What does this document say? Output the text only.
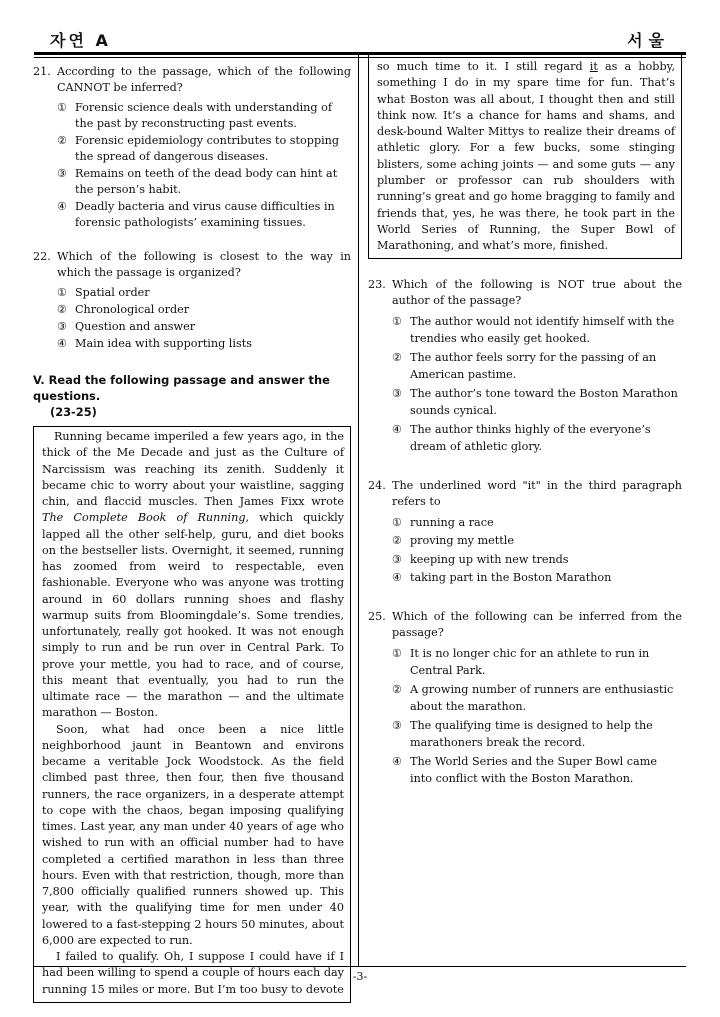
자연 A	서울
21. According to the passage, which of the following CANNOT be inferred?
① Forensic science deals with understanding of the past by reconstructing past events.
② Forensic epidemiology contributes to stopping the spread of dangerous diseases.
③ Remains on teeth of the dead body can hint at the person’s habit.
④ Deadly bacteria and virus cause difficulties in forensic pathologists’ examining tissues.
22. Which of the following is closest to the way in which the passage is organized?
① Spatial order
② Chronological order
③ Question and answer
④ Main idea with supporting lists
V. Read the following passage and answer the questions.
(23-25)

Running became imperiled a few years ago, in the thick of the Me Decade and just as the Culture of Narcissism was reaching its zenith. Suddenly it became chic to worry about your waistline, sagging chin, and flaccid muscles. Then James Fixx wrote The Complete Book of Running, which quickly lapped all the other self-help, guru, and diet books on the bestseller lists. Overnight, it seemed, running has zoomed from weird to respectable, even fashionable. Everyone who was anyone was trotting around in 60 dollars running shoes and flashy warmup suits from Bloomingdale’s. Some trendies, unfortunately, really got hooked. It was not enough simply to run and be run over in Central Park. To prove your mettle, you had to race, and of course, this meant that eventually, you had to run the ultimate race — the marathon — and the ultimate marathon — Boston.

Soon, what had once been a nice little neighborhood jaunt in Beantown and environs became a veritable Jock Woodstock. As the field climbed past three, then four, then five thousand runners, the race organizers, in a desperate attempt to cope with the chaos, began imposing qualifying times. Last year, any man under 40 years of age who wished to run with an official number had to have completed a certified marathon in less than three hours. Even with that restriction, though, more than 7,800 officially qualified runners showed up. This year, with the qualifying time for men under 40 lowered to a fast-stepping 2 hours 50 minutes, about 6,000 are expected to run.

I failed to qualify. Oh, I suppose I could have if I had been willing to spend a couple of hours each day running 15 miles or more. But I’m too busy to devote

so much time to it. I still regard it as a hobby, something I do in my spare time for fun. That’s what Boston was all about, I thought then and still think now. It’s a chance for hams and shams, and desk-bound Walter Mittys to realize their dreams of athletic glory. For a few bucks, some stinging blisters, some aching joints — and some guts — any plumber or professor can rub shoulders with running’s great and go home bragging to family and friends that, yes, he was there, he took part in the World Series of Running, the Super Bowl of Marathoning, and what’s more, finished.
23. Which of the following is NOT true about the author of the passage?
① The author would not identify himself with the trendies who easily get hooked.
② The author feels sorry for the passing of an American pastime.
③ The author’s tone toward the Boston Marathon sounds cynical.
④ The author thinks highly of the everyone’s dream of athletic glory.
24. The underlined word "it" in the third paragraph refers to
① running a race
② proving my mettle
③ keeping up with new trends
④ taking part in the Boston Marathon
25. Which of the following can be inferred from the passage?
① It is no longer chic for an athlete to run in Central Park.
② A growing number of runners are enthusiastic about the marathon.
③ The qualifying time is designed to help the marathoners break the record.
④ The World Series and the Super Bowl came into conflict with the Boston Marathon.
-3-
